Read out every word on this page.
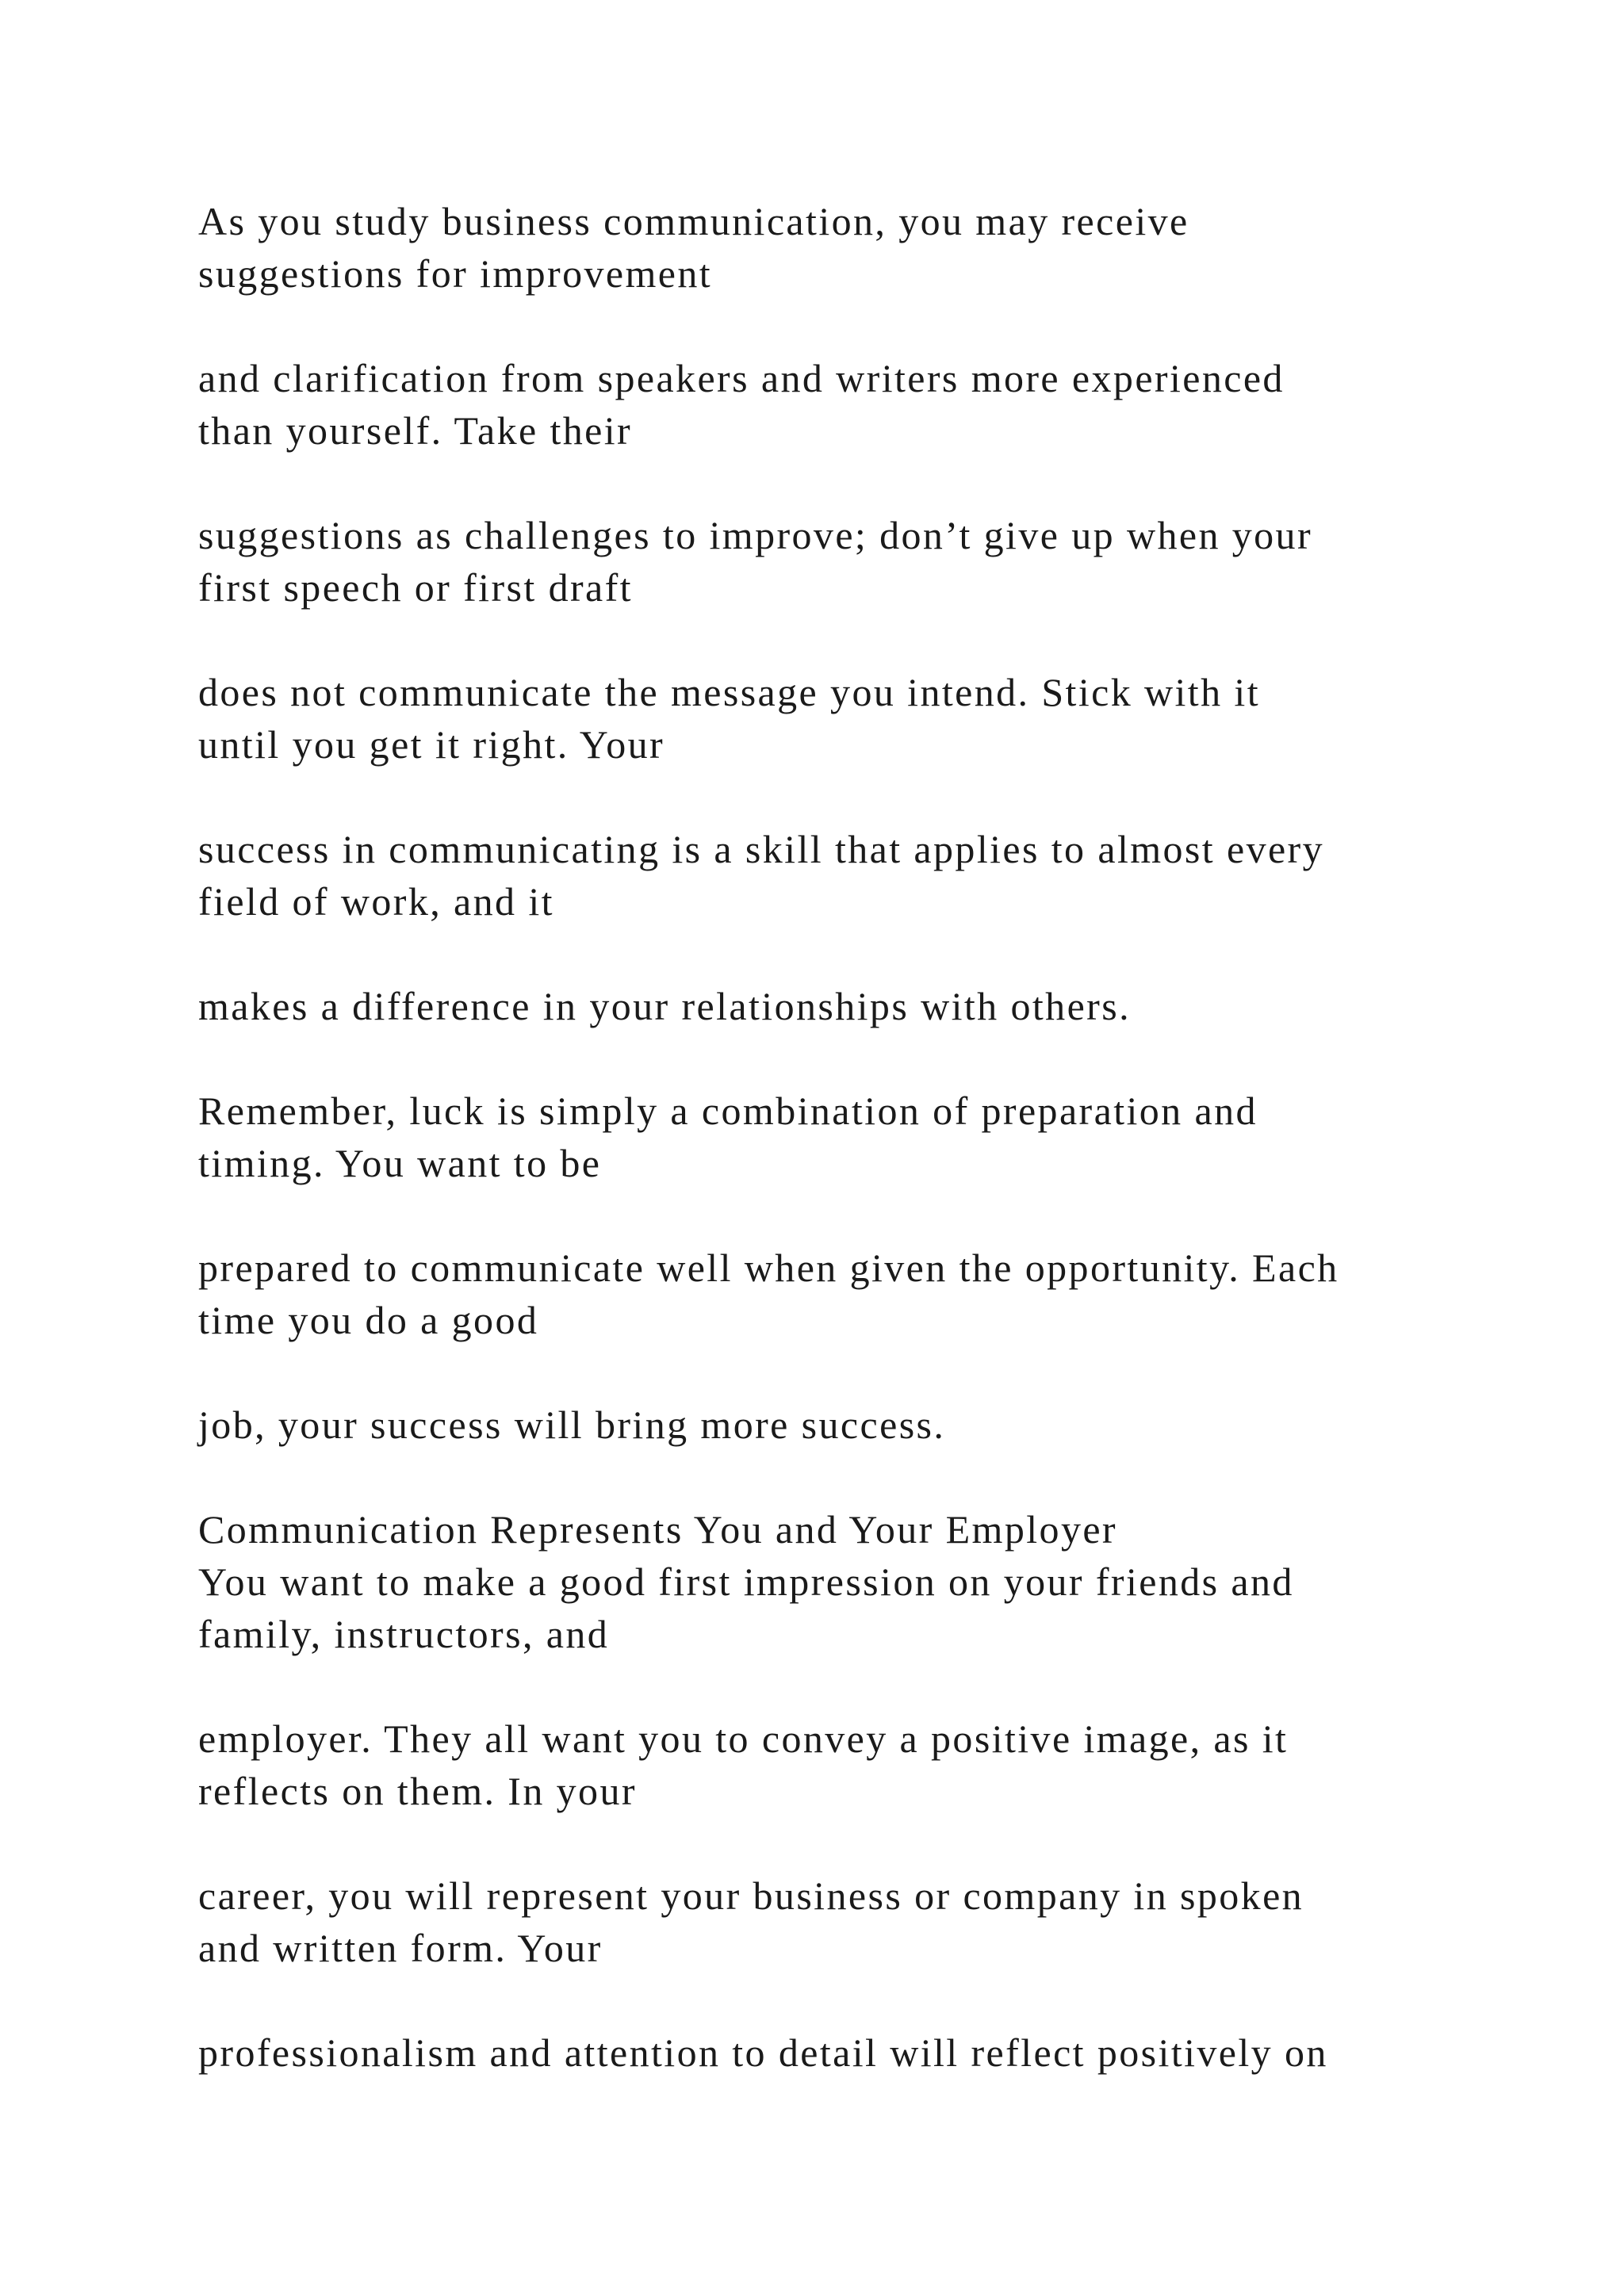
As you study business communication, you may receive
suggestions for improvement
and clarification from speakers and writers more experienced
than yourself. Take their
suggestions as challenges to improve; don’t give up when your
first speech or first draft
does not communicate the message you intend. Stick with it
until you get it right. Your
success in communicating is a skill that applies to almost every
field of work, and it
makes a difference in your relationships with others.
Remember, luck is simply a combination of preparation and
timing. You want to be
prepared to communicate well when given the opportunity. Each
time you do a good
job, your success will bring more success.
Communication Represents You and Your Employer
You want to make a good first impression on your friends and
family, instructors, and
employer. They all want you to convey a positive image, as it
reflects on them. In your
career, you will represent your business or company in spoken
and written form. Your
professionalism and attention to detail will reflect positively on
